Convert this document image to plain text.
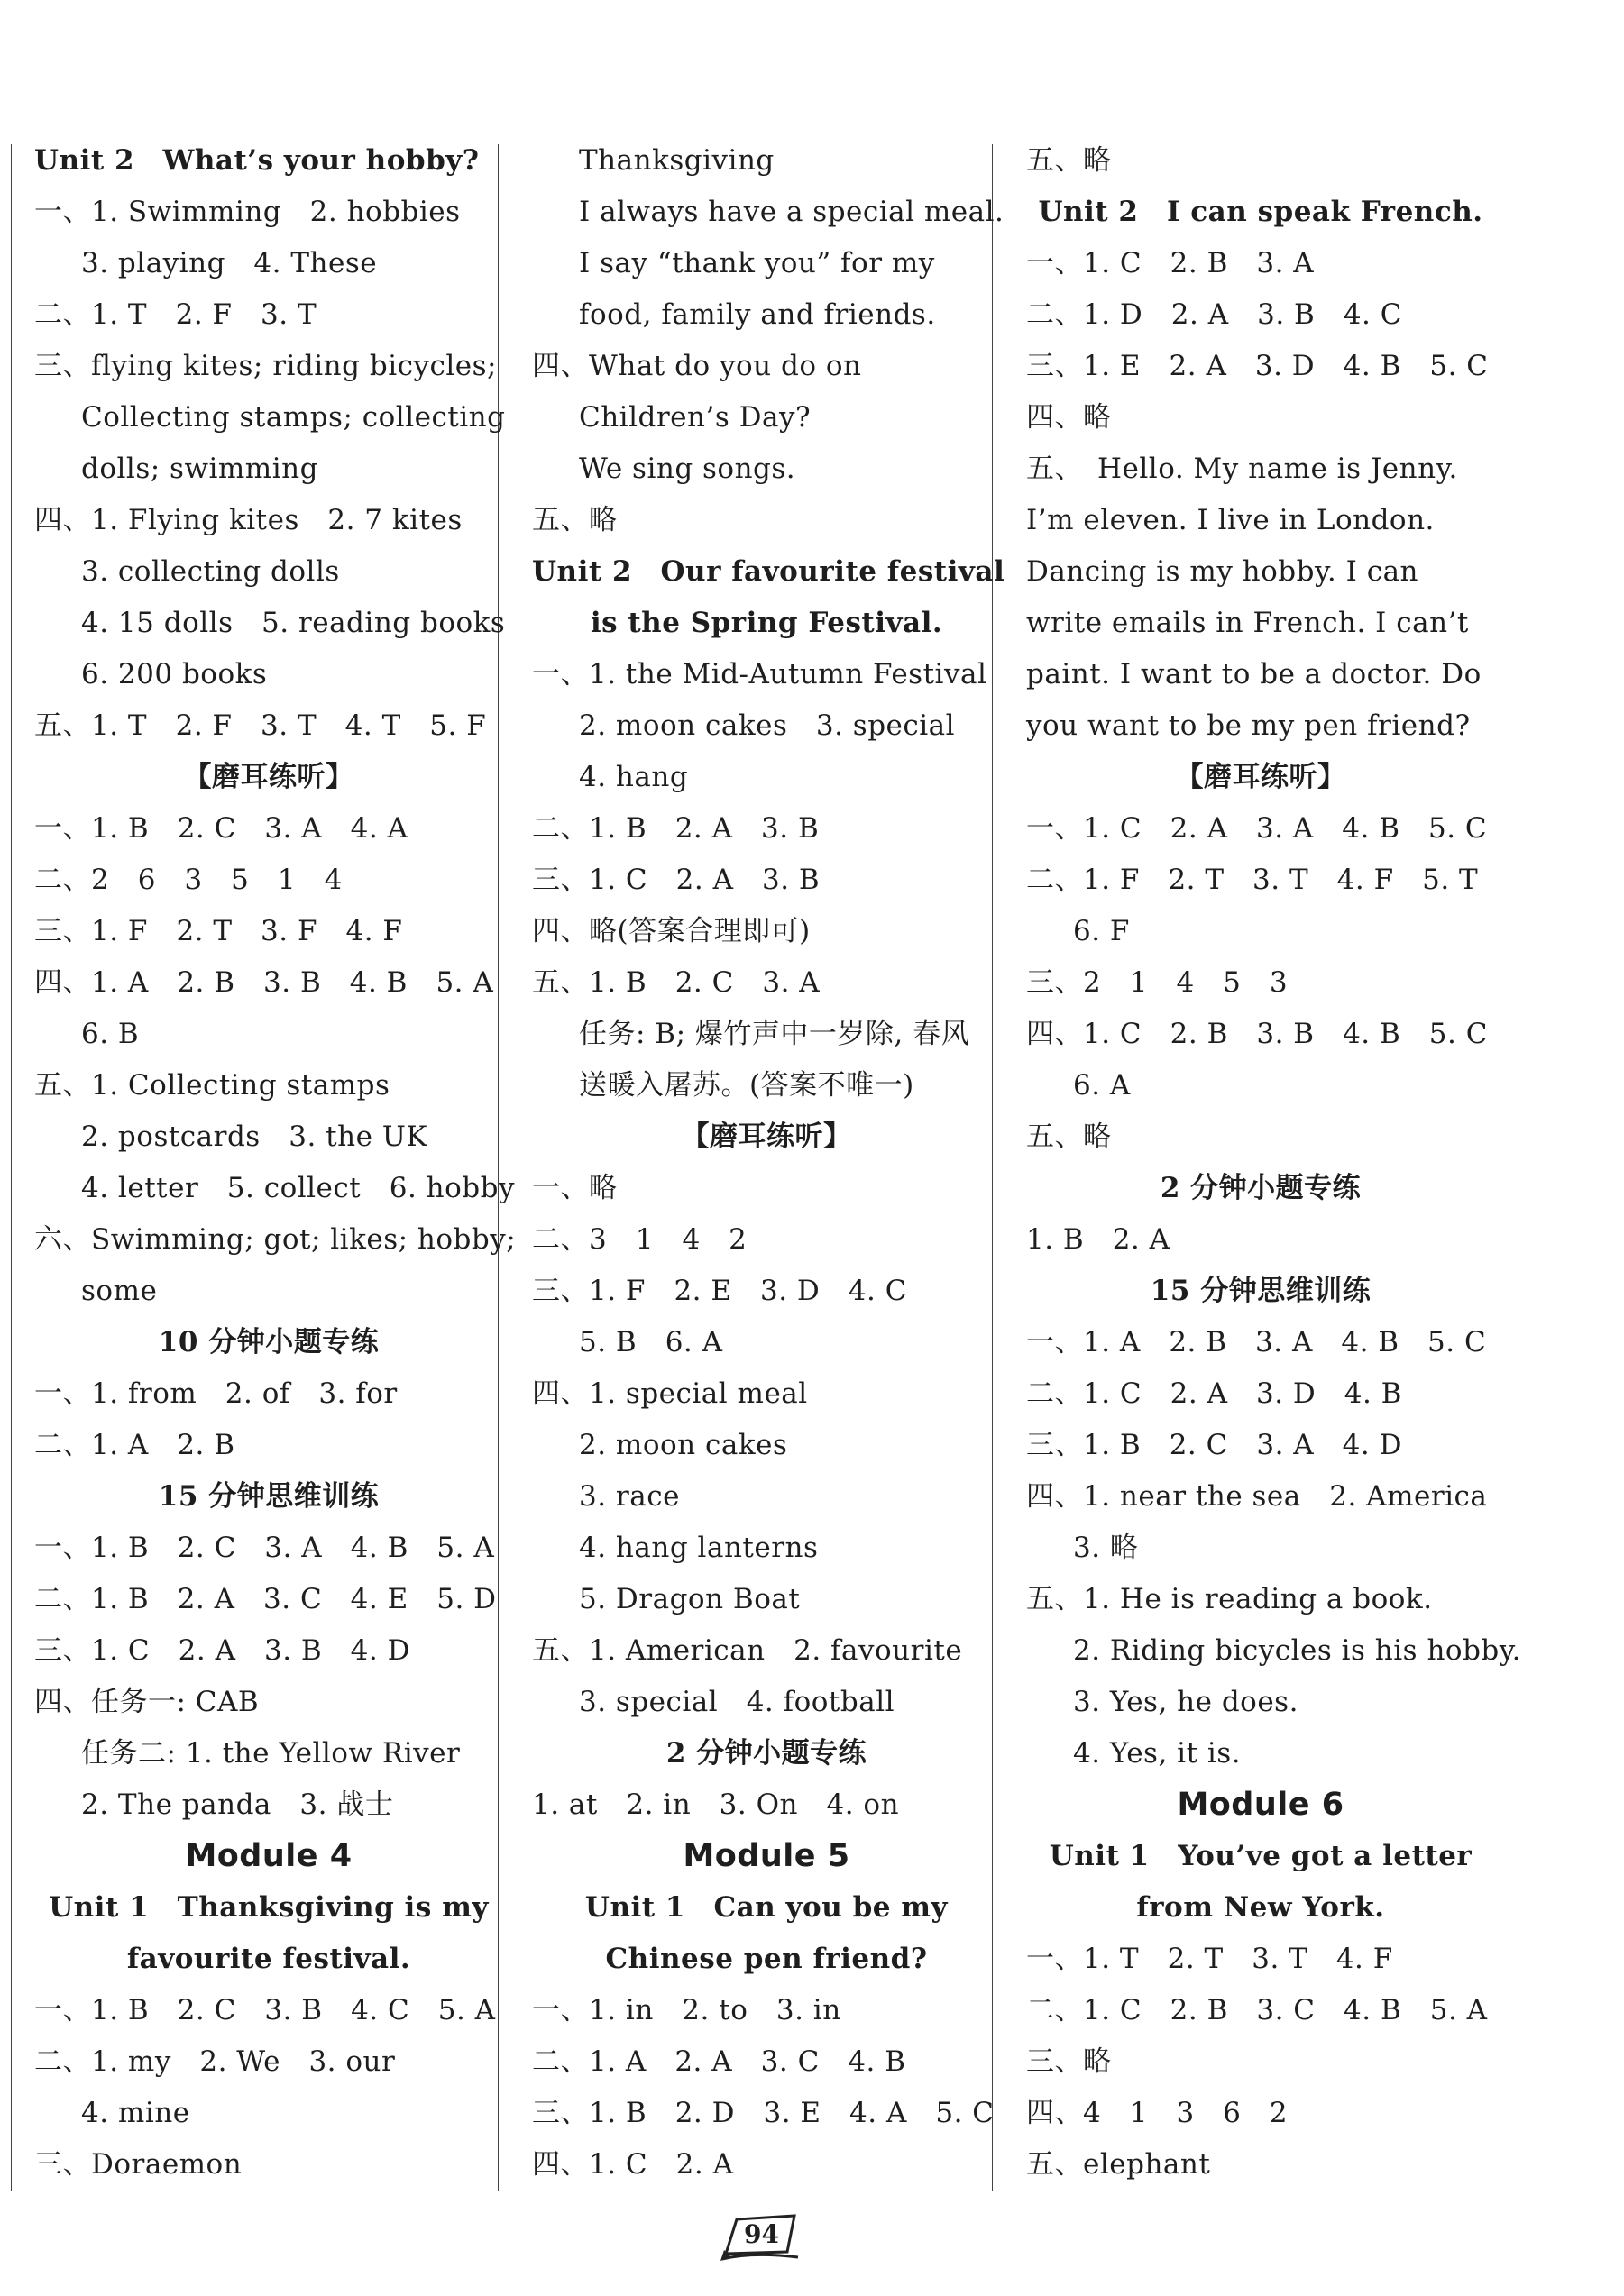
Unit 2　What’s your hobby?
一、1. Swimming　2. hobbies
3. playing　4. These
二、1. T　2. F　3. T
三、flying kites; riding bicycles;
Collecting stamps; collecting
dolls; swimming
四、1. Flying kites　2. 7 kites
3. collecting dolls
4. 15 dolls　5. reading books
6. 200 books
五、1. T　2. F　3. T　4. T　5. F
【磨耳练听】
一、1. B　2. C　3. A　4. A
二、2　6　3　5　1　4
三、1. F　2. T　3. F　4. F
四、1. A　2. B　3. B　4. B　5. A
6. B
五、1. Collecting stamps
2. postcards　3. the UK
4. letter　5. collect　6. hobby
六、Swimming; got; likes; hobby;
some
10 分钟小题专练
一、1. from　2. of　3. for
二、1. A　2. B
15 分钟思维训练
一、1. B　2. C　3. A　4. B　5. A
二、1. B　2. A　3. C　4. E　5. D
三、1. C　2. A　3. B　4. D
四、任务一: CAB
任务二: 1. the Yellow River
2. The panda　3. 战士
Module 4
Unit 1　Thanksgiving is my
favourite festival.
一、1. B　2. C　3. B　4. C　5. A
二、1. my　2. We　3. our
4. mine
三、Doraemon
Thanksgiving
I always have a special meal.
I say “thank you” for my
food, family and friends.
四、What do you do on
Children’s Day?
We sing songs.
五、略
Unit 2　Our favourite festival
is the Spring Festival.
一、1. the Mid-Autumn Festival
2. moon cakes　3. special
4. hang
二、1. B　2. A　3. B
三、1. C　2. A　3. B
四、略(答案合理即可)
五、1. B　2. C　3. A
任务: B; 爆竹声中一岁除, 春风
送暖入屠苏。(答案不唯一)
【磨耳练听】
一、略
二、3　1　4　2
三、1. F　2. E　3. D　4. C
5. B　6. A
四、1. special meal
2. moon cakes
3. race
4. hang lanterns
5. Dragon Boat
五、1. American　2. favourite
3. special　4. football
2 分钟小题专练
1. at　2. in　3. On　4. on
Module 5
Unit 1　Can you be my
Chinese pen friend?
一、1. in　2. to　3. in
二、1. A　2. A　3. C　4. B
三、1. B　2. D　3. E　4. A　5. C
四、1. C　2. A
五、略
Unit 2　I can speak French.
一、1. C　2. B　3. A
二、1. D　2. A　3. B　4. C
三、1. E　2. A　3. D　4. B　5. C
四、略
五、　Hello. My name is Jenny.
I’m eleven. I live in London.
Dancing is my hobby. I can
write emails in French. I can’t
paint. I want to be a doctor. Do
you want to be my pen friend?
【磨耳练听】
一、1. C　2. A　3. A　4. B　5. C
二、1. F　2. T　3. T　4. F　5. T
6. F
三、2　1　4　5　3
四、1. C　2. B　3. B　4. B　5. C
6. A
五、略
2 分钟小题专练
1. B　2. A
15 分钟思维训练
一、1. A　2. B　3. A　4. B　5. C
二、1. C　2. A　3. D　4. B
三、1. B　2. C　3. A　4. D
四、1. near the sea　2. America
3. 略
五、1. He is reading a book.
2. Riding bicycles is his hobby.
3. Yes, he does.
4. Yes, it is.
Module 6
Unit 1　You’ve got a letter
from New York.
一、1. T　2. T　3. T　4. F
二、1. C　2. B　3. C　4. B　5. A
三、略
四、4　1　3　6　2
五、elephant
94
